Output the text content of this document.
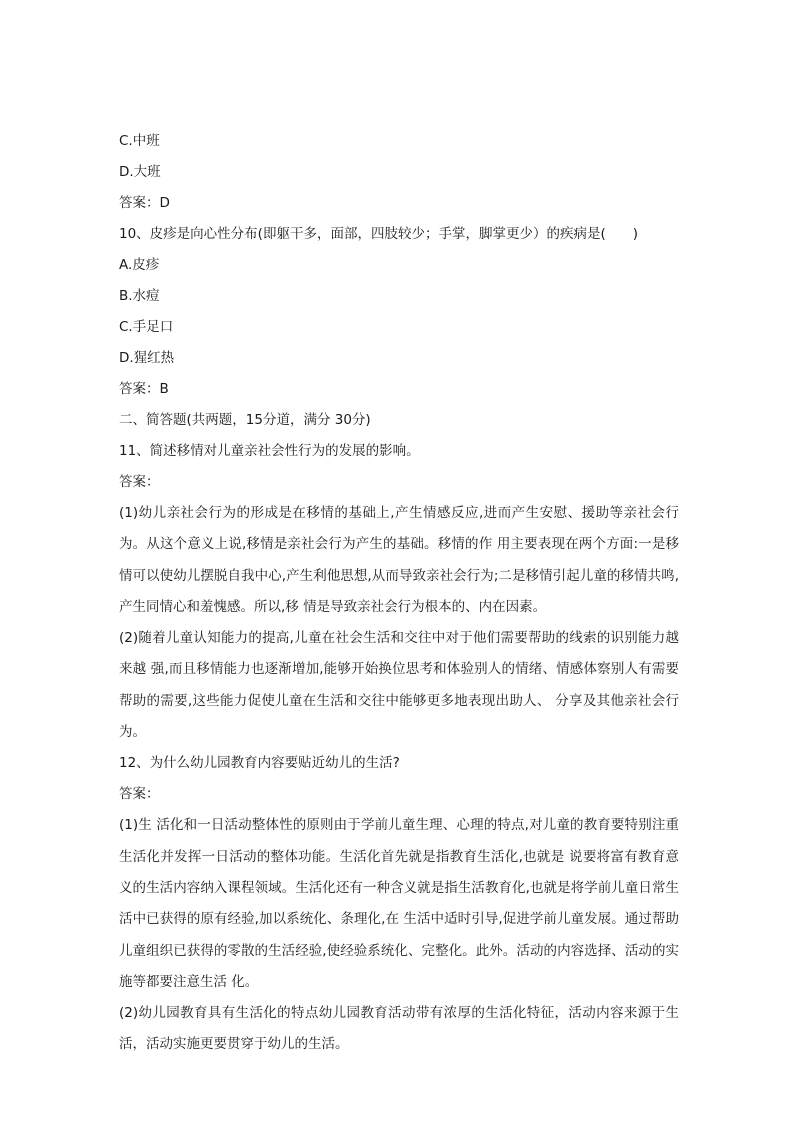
C.中班
D.大班
答案：D
10、皮疹是向心性分布(即躯干多，面部，四肢较少；手掌，脚掌更少）的疾病是(　　)
A.皮疹
B.水痘
C.手足口
D.猩红热
答案：B
二、简答题(共两题，15分道，满分 30分)
11、简述移情对儿童亲社会性行为的发展的影响。
答案：
(1)幼儿亲社会行为的形成是在移情的基础上,产生情感反应,进而产生安慰、援助等亲社会行为。从这个意义上说,移情是亲社会行为产生的基础。移情的作 用主要表现在两个方面:一是移情可以使幼儿摆脱自我中心,产生利他思想,从而导致亲社会行为;二是移情引起儿童的移情共鸣,产生同情心和羞愧感。所以,移 情是导致亲社会行为根本的、内在因素。
(2)随着儿童认知能力的提高,儿童在社会生活和交往中对于他们需要帮助的线索的识别能力越来越 强,而且移情能力也逐渐增加,能够开始换位思考和体验别人的情绪、情感体察别人有需要帮助的需要,这些能力促使儿童在生活和交往中能够更多地表现出助人、 分享及其他亲社会行为。
12、为什么幼儿园教育内容要贴近幼儿的生活?
答案：
(1)生 活化和一日活动整体性的原则由于学前儿童生理、心理的特点,对儿童的教育要特别注重生活化并发挥一日活动的整体功能。生活化首先就是指教育生活化,也就是 说要将富有教育意义的生活内容纳入课程领域。生活化还有一种含义就是指生活教育化,也就是将学前儿童日常生活中已获得的原有经验,加以系统化、条理化,在 生活中适时引导,促进学前儿童发展。通过帮助儿童组织已获得的零散的生活经验,使经验系统化、完整化。此外。活动的内容选择、活动的实施等都要注意生活 化。
(2)幼儿园教育具有生活化的特点幼儿园教育活动带有浓厚的生活化特征，活动内容来源于生活，活动实施更要贯穿于幼儿的生活。
